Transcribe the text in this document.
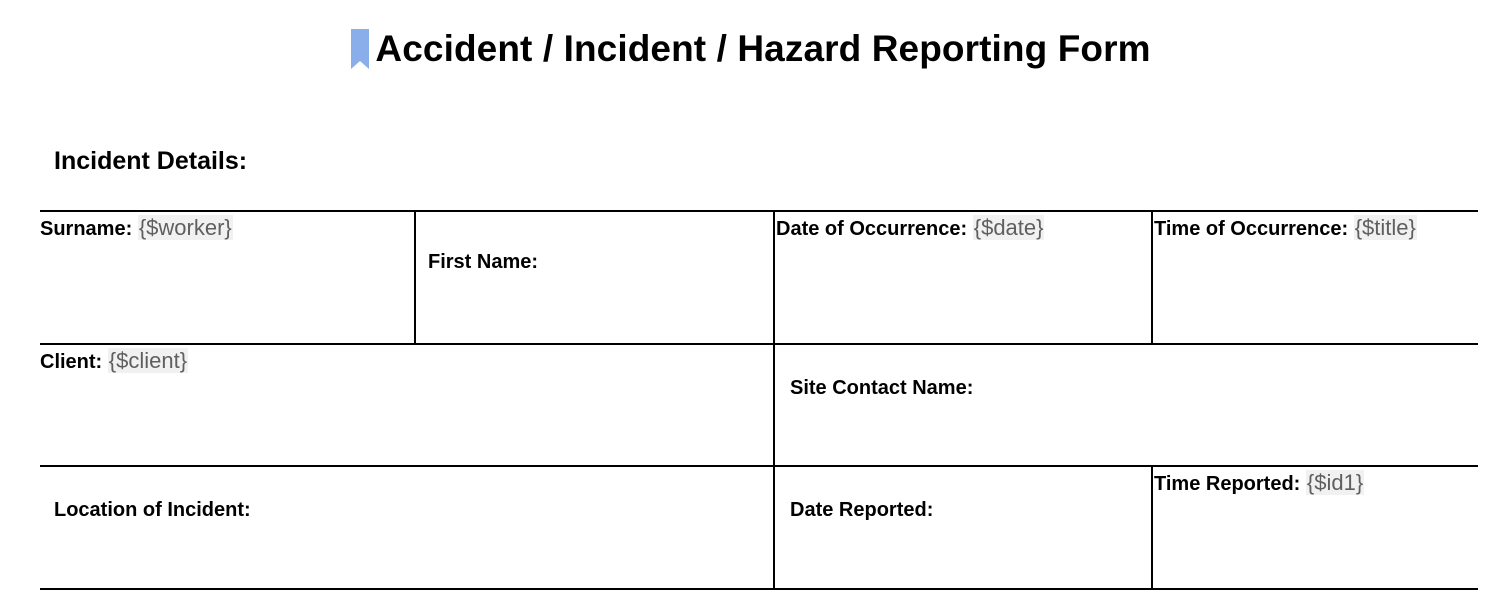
Accident / Incident / Hazard Reporting Form
Incident Details:
Surname: {$worker}
First Name:
Date of Occurrence: {$date}	Time of Occurrence: {$title}
Client: {$client}
Site Contact Name:
Location of Incident:	Date Reported:
Time Reported: {$id1}
